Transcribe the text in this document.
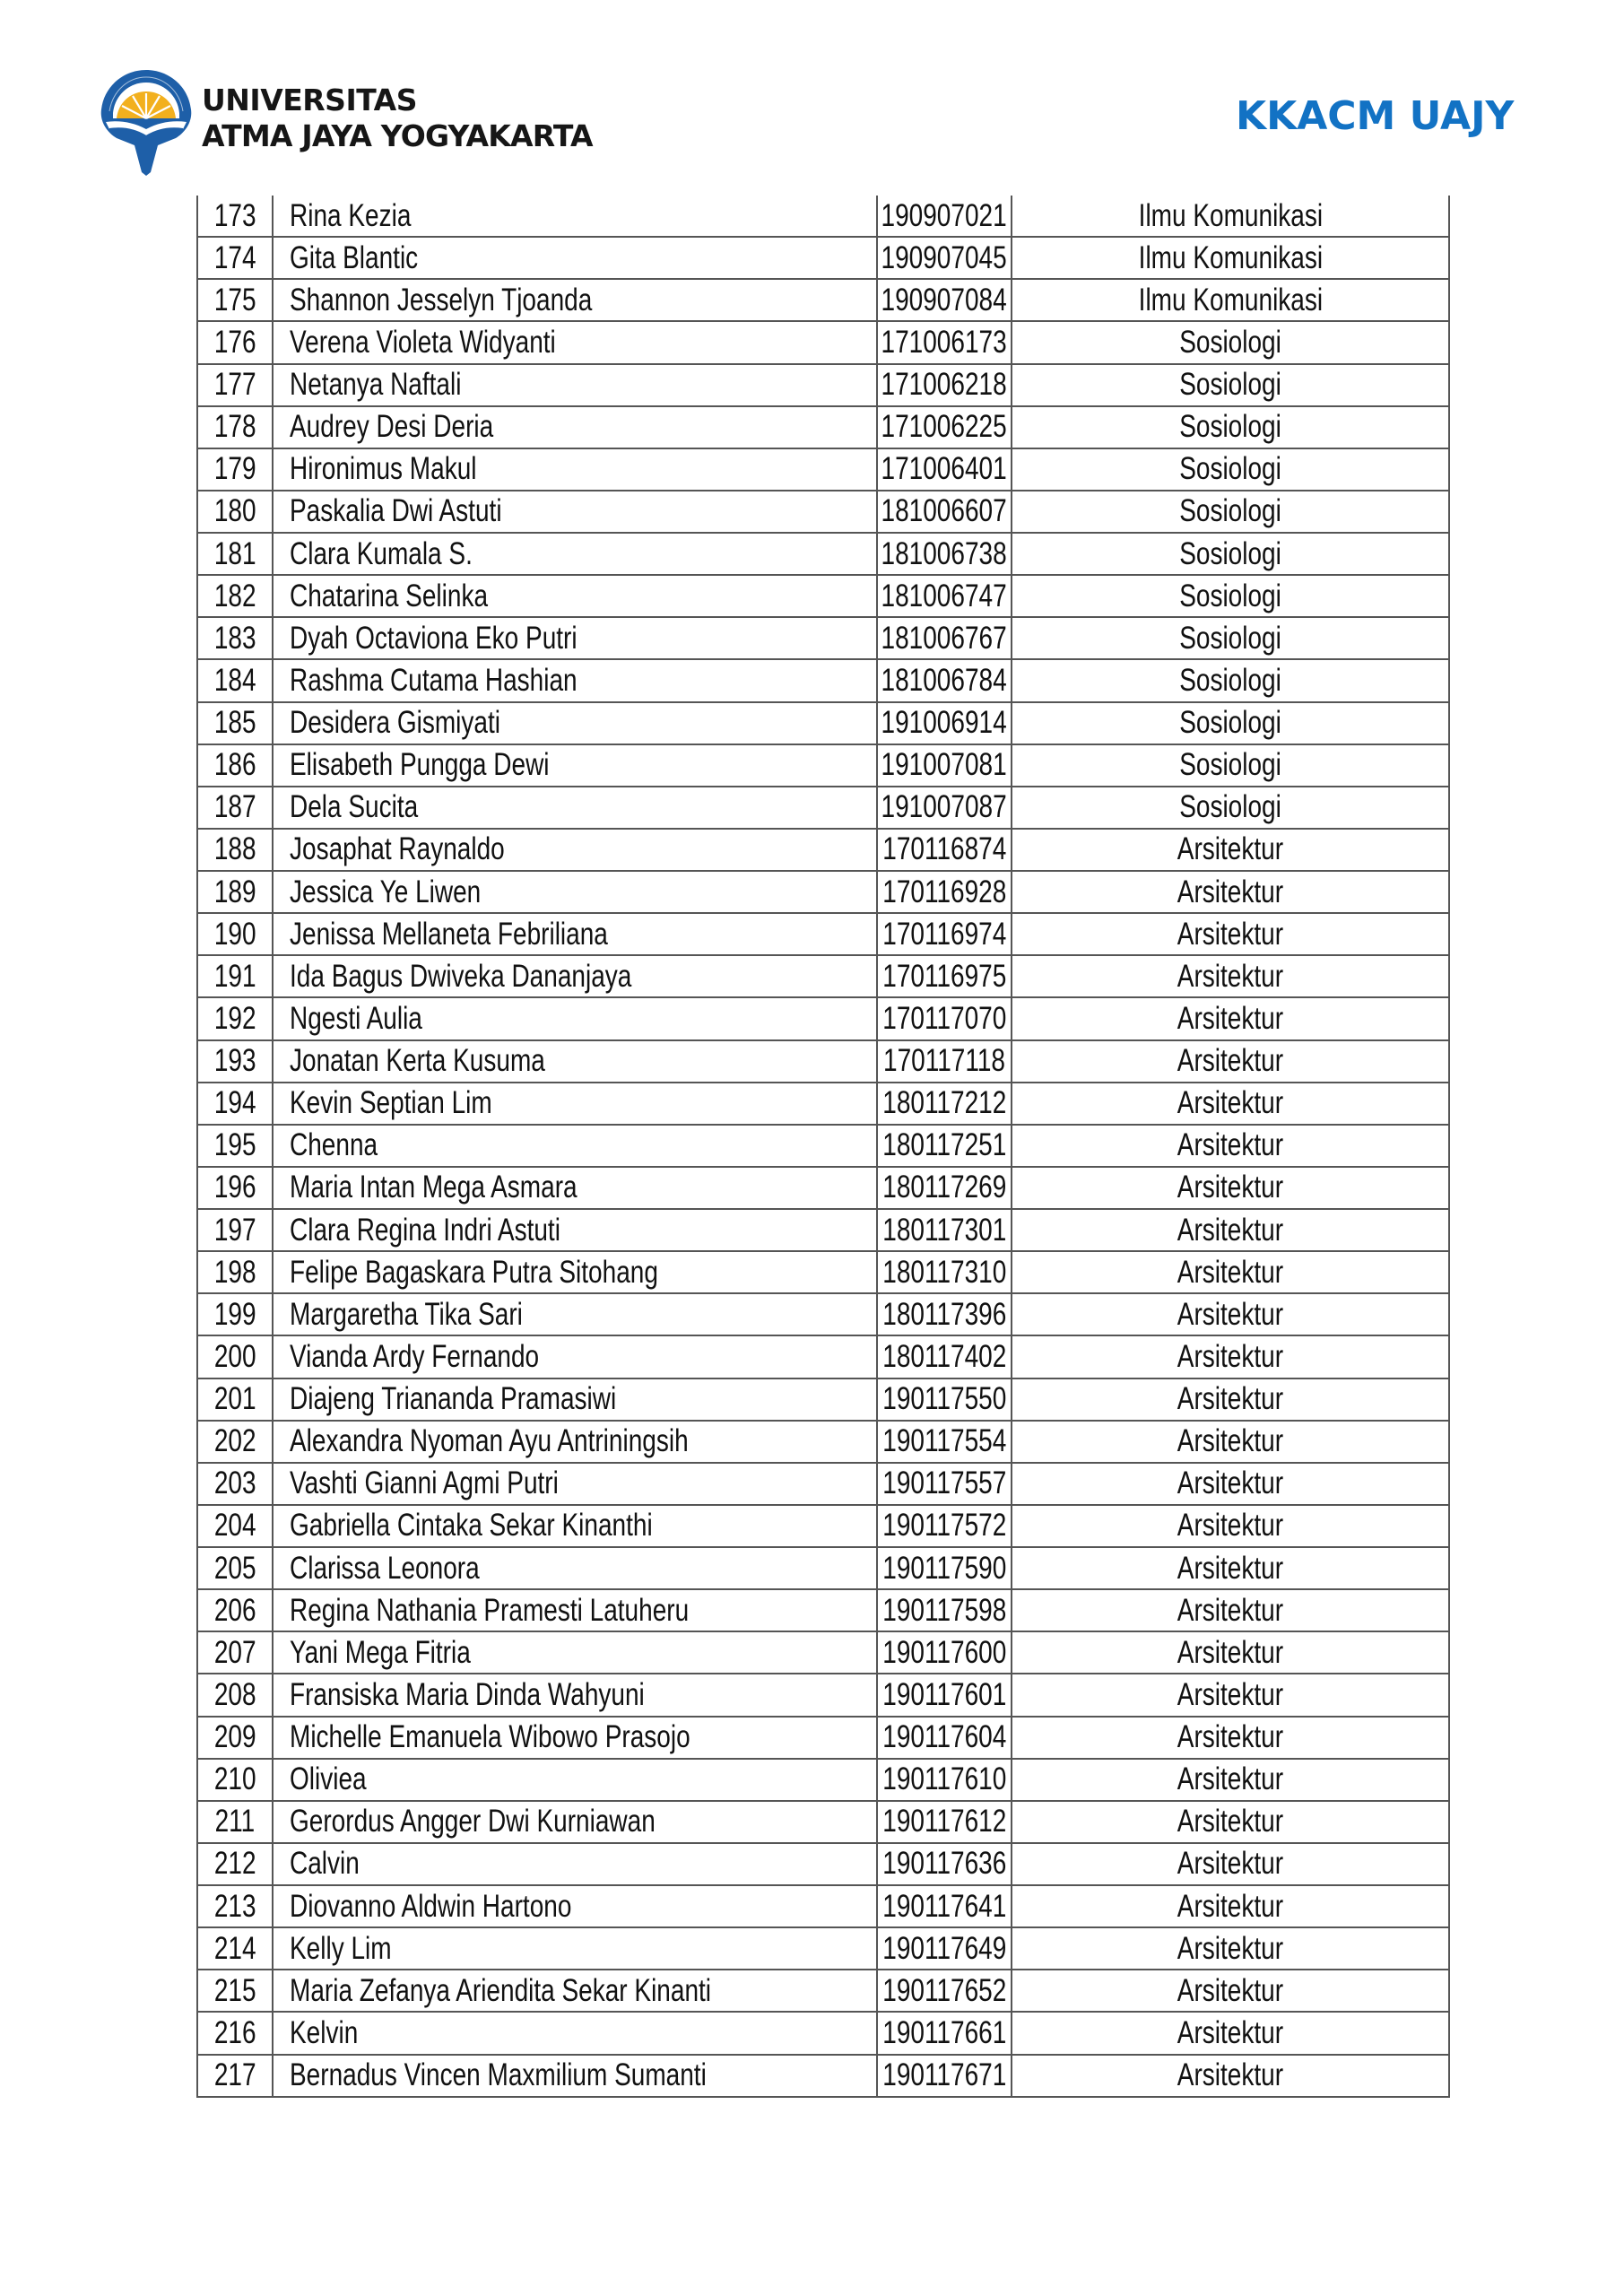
UNIVERSITAS
ATMA JAYA YOGYAKARTA	KKACM UAJY
173 Rina Kezia	190907021	Ilmu Komunikasi
174 Gita Blantic	190907045	Ilmu Komunikasi
175 Shannon Jesselyn Tjoanda	190907084	Ilmu Komunikasi
176 Verena Violeta Widyanti	171006173	Sosiologi
177 Netanya Naftali	171006218	Sosiologi
178 Audrey Desi Deria	171006225	Sosiologi
179 Hironimus Makul	171006401	Sosiologi
180 Paskalia Dwi Astuti	181006607	Sosiologi
181 Clara Kumala S.	181006738	Sosiologi
182 Chatarina Selinka	181006747	Sosiologi
183 Dyah Octaviona Eko Putri	181006767	Sosiologi
184 Rashma Cutama Hashian	181006784	Sosiologi
185 Desidera Gismiyati	191006914	Sosiologi
186 Elisabeth Pungga Dewi	191007081	Sosiologi
187 Dela Sucita	191007087	Sosiologi
188 Josaphat Raynaldo	170116874	Arsitektur
189 Jessica Ye Liwen	170116928	Arsitektur
190 Jenissa Mellaneta Febriliana	170116974	Arsitektur
191 Ida Bagus Dwiveka Dananjaya	170116975	Arsitektur
192 Ngesti Aulia	170117070	Arsitektur
193 Jonatan Kerta Kusuma	170117118	Arsitektur
194 Kevin Septian Lim	180117212	Arsitektur
195 Chenna	180117251	Arsitektur
196 Maria Intan Mega Asmara	180117269	Arsitektur
197 Clara Regina Indri Astuti	180117301	Arsitektur
198 Felipe Bagaskara Putra Sitohang	180117310	Arsitektur
199 Margaretha Tika Sari	180117396	Arsitektur
200 Vianda Ardy Fernando	180117402	Arsitektur
201 Diajeng Triananda Pramasiwi	190117550	Arsitektur
202 Alexandra Nyoman Ayu Antriningsih	190117554	Arsitektur
203 Vashti Gianni Agmi Putri	190117557	Arsitektur
204 Gabriella Cintaka Sekar Kinanthi	190117572	Arsitektur
205 Clarissa Leonora	190117590	Arsitektur
206 Regina Nathania Pramesti Latuheru	190117598	Arsitektur
207 Yani Mega Fitria	190117600	Arsitektur
208 Fransiska Maria Dinda Wahyuni	190117601	Arsitektur
209 Michelle Emanuela Wibowo Prasojo	190117604	Arsitektur
210 Oliviea	190117610	Arsitektur
211 Gerordus Angger Dwi Kurniawan	190117612	Arsitektur
212 Calvin	190117636	Arsitektur
213 Diovanno Aldwin Hartono	190117641	Arsitektur
214 Kelly Lim	190117649	Arsitektur
215 Maria Zefanya Ariendita Sekar Kinanti	190117652	Arsitektur
216 Kelvin	190117661	Arsitektur
217 Bernadus Vincen Maxmilium Sumanti	190117671	Arsitektur
